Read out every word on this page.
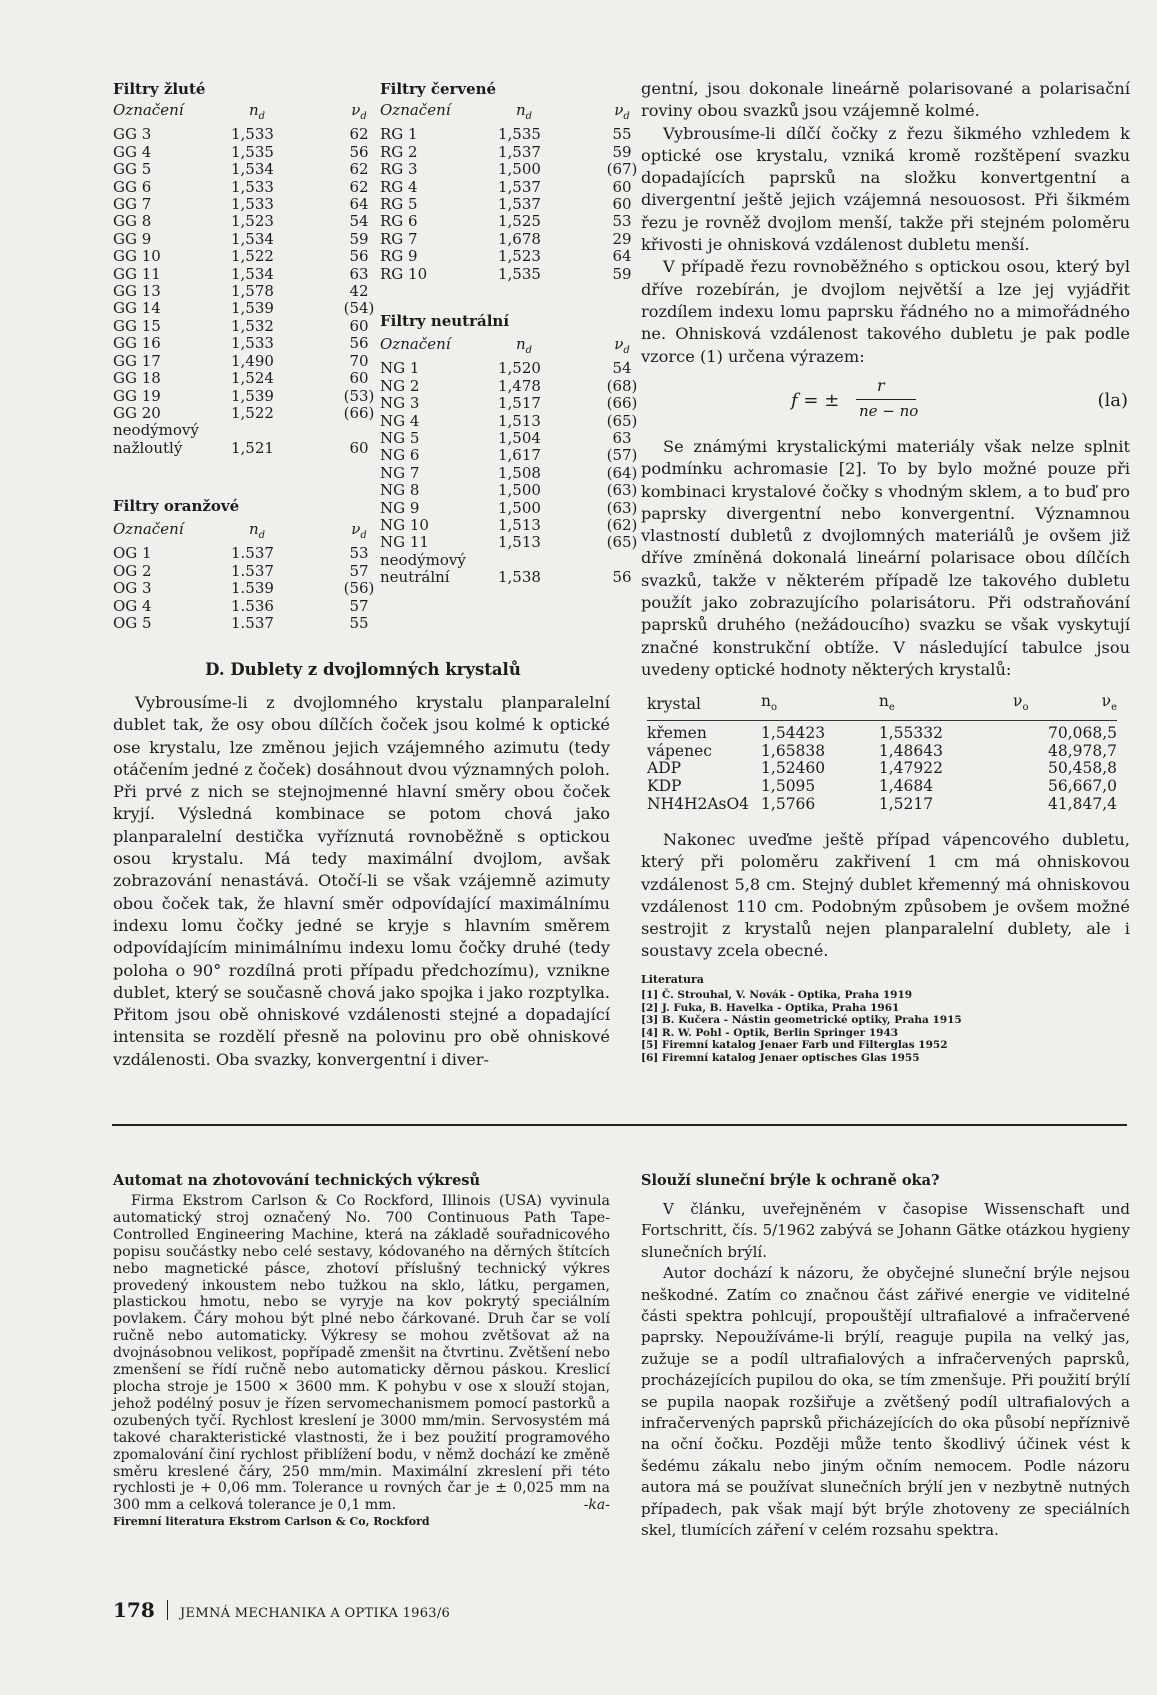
Filtry žluté
Označení	$n_d$	$\nu_d$
GG 3	1,533	62
GG 4	1,535	56
GG 5	1,534	62
GG 6	1,533	62
GG 7	1,533	64
GG 8	1,523	54
GG 9	1,534	59
GG 10	1,522	56
GG 11	1,534	63
GG 13	1,578	42
GG 14	1,539	(54)
GG 15	1,532	60
GG 16	1,533	56
GG 17	1,490	70
GG 18	1,524	60
GG 19	1,539	(53)
GG 20	1,522	(66)
neodýmový		
nažloutlý	1,521	60
Filtry oranžové
Označení	$n_d$	$\nu_d$
OG 1	1.537	53
OG 2	1.537	57
OG 3	1.539	(56)
OG 4	1.536	57
OG 5	1.537	55
Filtry červené
Označení	$n_d$	$\nu_d$
RG 1	1,535	55
RG 2	1,537	59
RG 3	1,500	(67)
RG 4	1,537	60
RG 5	1,537	60
RG 6	1,525	53
RG 7	1,678	29
RG 9	1,523	64
RG 10	1,535	59
Filtry neutrální
Označení	$n_d$	$\nu_d$
NG 1	1,520	54
NG 2	1,478	(68)
NG 3	1,517	(66)
NG 4	1,513	(65)
NG 5	1,504	63
NG 6	1,617	(57)
NG 7	1,508	(64)
NG 8	1,500	(63)
NG 9	1,500	(63)
NG 10	1,513	(62)
NG 11	1,513	(65)
neodýmový		
neutrální	1,538	56
D. Dublety z dvojlomných krystalů

Vybrousíme-li z dvojlomného krystalu planparalelní dublet tak, že osy obou dílčích čoček jsou kolmé k optické ose krystalu, lze změnou jejich vzájemného azimutu (tedy otáčením jedné z čoček) dosáhnout dvou významných poloh. Při prvé z nich se stejnojmenné hlavní směry obou čoček kryjí. Výsledná kombinace se potom chová jako planparalelní destička vyříznutá rovnoběžně s optickou osou krystalu. Má tedy maximální dvojlom, avšak zobrazování nenastává. Otočí-li se však vzájemně azimuty obou čoček tak, že hlavní směr odpovídající maximálnímu indexu lomu čočky jedné se kryje s hlavním směrem odpovídajícím minimálnímu indexu lomu čočky druhé (tedy poloha o 90° rozdílná proti případu předchozímu), vznikne dublet, který se současně chová jako spojka i jako rozptylka. Přitom jsou obě ohniskové vzdálenosti stejné a dopadající intensita se rozdělí přesně na polovinu pro obě ohniskové vzdálenosti. Oba svazky, konvergentní i diver-

gentní, jsou dokonale lineárně polarisované a polarisační roviny obou svazků jsou vzájemně kolmé.

Vybrousíme-li dílčí čočky z řezu šikmého vzhledem k optické ose krystalu, vzniká kromě rozštěpení svazku dopadajících paprsků na složku konvertgentní a divergentní ještě jejich vzájemná nesouosost. Při šikmém řezu je rovněž dvojlom menší, takže při stejném poloměru křivosti je ohnisková vzdálenost dubletu menší.

V případě řezu rovnoběžného s optickou osou, který byl dříve rozebírán, je dvojlom největší a lze jej vyjádřit rozdílem indexu lomu paprsku řádného no a mimořádného ne. Ohnisková vzdálenost takového dubletu je pak podle vzorce (1) určena výrazem:

f = ±
r
ne − no	(la)

Se známými krystalickými materiály však nelze splnit podmínku achromasie [2]. To by bylo možné pouze při kombinaci krystalové čočky s vhodným sklem, a to buď pro paprsky divergentní nebo konvergentní. Významnou vlastností dubletů z dvojlomných materiálů je ovšem již dříve zmíněná dokonalá lineární polarisace obou dílčích svazků, takže v některém případě lze takového dubletu použít jako zobrazujícího polarisátoru. Při odstraňování paprsků druhého (nežádoucího) svazku se však vyskytují značné konstrukční obtíže. V následující tabulce jsou uvedeny optické hodnoty některých krystalů:

krystal	$n_o$	$n_e$	$\nu_o$	$\nu_e$
křemen	1,54423	1,55332	70,0	68,5
vápenec	1,65838	1,48643	48,9	78,7
ADP	1,52460	1,47922	50,4	58,8
KDP	1,5095	1,4684	56,6	67,0
NH4H2AsO4	1,5766	1,5217	41,8	47,4

Nakonec uveďme ještě případ vápencového dubletu, který při poloměru zakřivení 1 cm má ohniskovou vzdálenost 5,8 cm. Stejný dublet křemenný má ohniskovou vzdálenost 110 cm. Podobným způsobem je ovšem možné sestrojit z krystalů nejen planparalelní dublety, ale i soustavy zcela obecné.

Literatura
[1] Č. Strouhal, V. Novák - Optika, Praha 1919
[2] J. Fuka, B. Havelka - Optika, Praha 1961
[3] B. Kučera - Nástin geometrické optiky, Praha 1915
[4] R. W. Pohl - Optik, Berlin Springer 1943
[5] Firemní katalog Jenaer Farb und Filterglas 1952
[6] Firemní katalog Jenaer optisches Glas 1955
Automat na zhotovování technických výkresů

Firma Ekstrom Carlson & Co Rockford, Illinois (USA) vyvinula automatický stroj označený No. 700 Continuous Path Tape-Controlled Engineering Machine, která na základě souřadnicového popisu součástky nebo celé sestavy, kódovaného na děrných štítcích nebo magnetické pásce, zhotoví příslušný technický výkres provedený inkoustem nebo tužkou na sklo, látku, pergamen, plastickou hmotu, nebo se vyryje na kov pokrytý speciálním povlakem. Čáry mohou být plné nebo čárkované. Druh čar se volí ručně nebo automaticky. Výkresy se mohou zvětšovat až na dvojnásobnou velikost, popřípadě zmenšit na čtvrtinu. Zvětšení nebo zmenšení se řídí ručně nebo automaticky děrnou páskou. Kreslicí plocha stroje je 1500 × 3600 mm. K pohybu v ose x slouží stojan, jehož podélný posuv je řízen servomechanismem pomocí pastorků a ozubených tyčí. Rychlost kreslení je 3000 mm/min. Servosystém má takové charakteristické vlastnosti, že i bez použití programového zpomalování činí rychlost přiblížení bodu, v němž dochází ke změně směru kreslené čáry, 250 mm/min. Maximální zkreslení při této rychlosti je + 0,06 mm. Tolerance u rovných čar je ± 0,025 mm na 300 mm a celková tolerance je 0,1 mm.	-ka-
Firemní literatura Ekstrom Carlson & Co, Rockford
Slouží sluneční brýle k ochraně oka?

V článku, uveřejněném v časopise Wissenschaft und Fortschritt, čís. 5/1962 zabývá se Johann Gätke otázkou hygieny slunečních brýlí.

Autor dochází k názoru, že obyčejné sluneční brýle nejsou neškodné. Zatím co značnou část zářivé energie ve viditelné části spektra pohlcují, propouštějí ultrafialové a infračervené paprsky. Nepoužíváme-li brýlí, reaguje pupila na velký jas, zužuje se a podíl ultrafialových a infračervených paprsků, procházejících pupilou do oka, se tím zmenšuje. Při použití brýlí se pupila naopak rozšiřuje a zvětšený podíl ultrafialových a infračervených paprsků přicházejících do oka působí nepříznivě na oční čočku. Později může tento škodlivý účinek vést k šedému zákalu nebo jiným očním nemocem. Podle názoru autora má se používat slunečních brýlí jen v nezbytně nutných případech, pak však mají být brýle zhotoveny ze speciálních skel, tlumících záření v celém rozsahu spektra.

178 JEMNÁ MECHANIKA A OPTIKA 1963/6
